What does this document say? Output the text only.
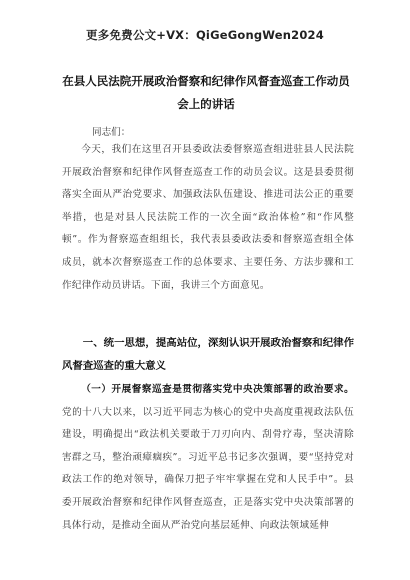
更多免费公文+VX：QiGeGongWen2024
在县人民法院开展政治督察和纪律作风督查巡查工作动员会上的讲话
同志们：
今天，我们在这里召开县委政法委督察巡查组进驻县人民法院开展政治督察和纪律作风督查巡查工作的动员会议。这是县委贯彻落实全面从严治党要求、加强政法队伍建设、推进司法公正的重要举措，也是对县人民法院工作的一次全面“政治体检”和“作风整顿”。作为督察巡查组组长，我代表县委政法委和督察巡查组全体成员，就本次督察巡查工作的总体要求、主要任务、方法步骤和工作纪律作动员讲话。下面，我讲三个方面意见。
一、统一思想，提高站位，深刻认识开展政治督察和纪律作风督查巡查的重大意义
（一）开展督察巡查是贯彻落实党中央决策部署的政治要求。党的十八大以来，以习近平同志为核心的党中央高度重视政法队伍建设，明确提出“政法机关要敢于刀刃向内、刮骨疗毒，坚决清除害群之马，整治顽瘴痼疾”。习近平总书记多次强调，要“坚持党对政法工作的绝对领导，确保刀把子牢牢掌握在党和人民手中”。县委开展政治督察和纪律作风督查巡查，正是落实党中央决策部署的具体行动，是推动全面从严治党向基层延伸、向政法领域延伸
